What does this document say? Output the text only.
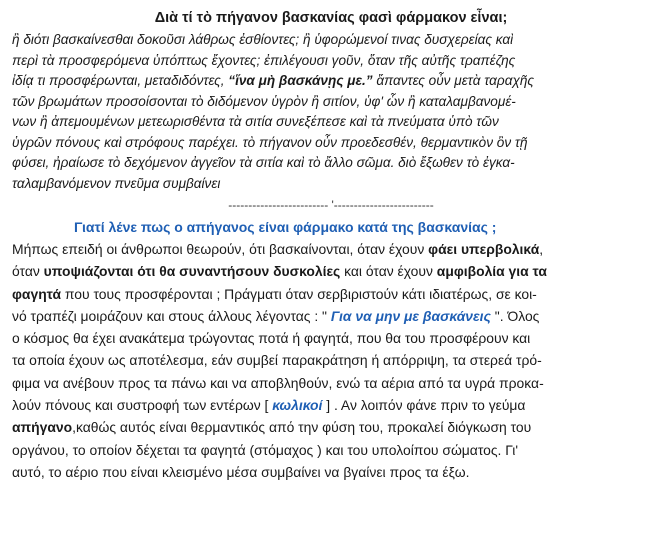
Διὰ τί τὸ πήγανον βασκανίας φασὶ φάρμακον εἶναι;
ἢ διότι βασκαίνεσθαι δοκοῦσι λάθρως ἐσθίοντες; ἢ ὑφορώμενοί τινας δυσχερείας καὶ
περὶ τὰ προσφερόμενα ὑπόπτως ἔχοντες; ἐπιλέγουσι γοῦν, ὅταν τῆς αὐτῆς τραπέζης
ἰδίᾳ τι προσφέρωνται, μεταδιδόντες, “ἵνα μὴ βασκάνῃς με.” ἅπαντες οὖν μετὰ ταραχῆς
τῶν βρωμάτων προσοίσονται τὸ διδόμενον ὑγρὸν ἢ σιτίον, ὑφ' ὧν ἢ καταλαμβανομέ-
νων ἢ ἀπεμουμένων μετεωρισθέντα τὰ σιτία συνεξέπεσε καὶ τὰ πνεύματα ὑπὸ τῶν
ὑγρῶν πόνους καὶ στρόφους παρέχει. τὸ πήγανον οὖν προεδεσθέν, θερμαντικὸν ὂν τῇ
φύσει, ἠραίωσε τὸ δεχόμενον ἀγγεῖον τὰ σιτία καὶ τὸ ἄλλο σῶμα. διὸ ἔξωθεν τὸ ἐγκα-
ταλαμβανόμενον πνεῦμα συμβαίνει
------------------------- '-------------------------
Γιατί λένε πως ο απήγανος είναι φάρμακο κατά της βασκανίας ;
Μήπως επειδή οι άνθρωποι θεωρούν, ότι βασκαίνονται, όταν έχουν φάει υπερβολικά,
όταν υποψιάζονται ότι θα συναντήσουν δυσκολίες και όταν έχουν αμφιβολία για τα
φαγητά που τους προσφέρονται ; Πράγματι όταν σερβιριστούν κάτι ιδιατέρως, σε κοι-
νό τραπέζι μοιράζουν και στους άλλους λέγοντας : " Για να μην με βασκάνεις ". Όλος
ο κόσμος θα έχει ανακάτεμα τρώγοντας ποτά ή φαγητά, που θα του προσφέρουν και
τα οποία έχουν ως αποτέλεσμα, εάν συμβεί παρακράτηση ή απόρριψη, τα στερεά τρό-
φιμα να ανέβουν προς τα πάνω και να αποβληθούν, ενώ τα αέρια από τα υγρά προκα-
λούν πόνους και συστροφή των εντέρων [ κωλικοί ] . Αν λοιπόν φάνε πριν το γεύμα
απήγανο,καθώς αυτός είναι θερμαντικός από την φύση του, προκαλεί διόγκωση του
οργάνου, το οποίον δέχεται τα φαγητά (στόμαχος ) και του υπολοίπου σώματος. Γι'
αυτό, το αέριο που είναι κλεισμένο μέσα συμβαίνει να βγαίνει προς τα έξω.
